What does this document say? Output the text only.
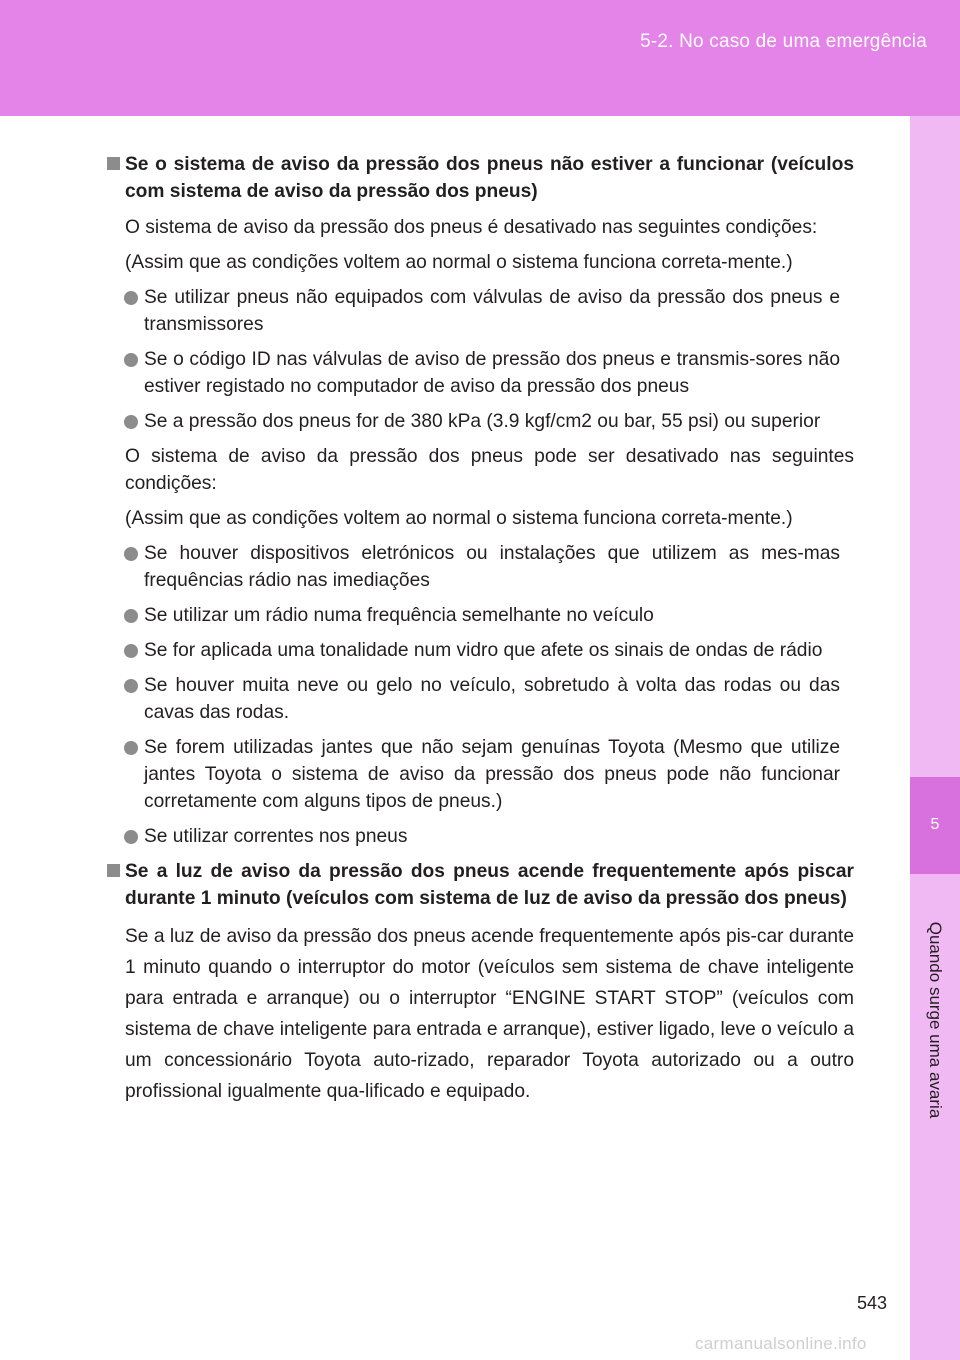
5-2. No caso de uma emergência
5
Quando surge uma avaria
Se o sistema de aviso da pressão dos pneus não estiver a funcionar (veículos com sistema de aviso da pressão dos pneus)
O sistema de aviso da pressão dos pneus é desativado nas seguintes condições:
(Assim que as condições voltem ao normal o sistema funciona correta-mente.)
Se utilizar pneus não equipados com válvulas de aviso da pressão dos pneus e transmissores
Se o código ID nas válvulas de aviso de pressão dos pneus e transmis-sores não estiver registado no computador de aviso da pressão dos pneus
Se a pressão dos pneus for de 380 kPa (3.9 kgf/cm2 ou bar, 55 psi) ou superior
O sistema de aviso da pressão dos pneus pode ser desativado nas seguintes condições:
(Assim que as condições voltem ao normal o sistema funciona correta-mente.)
Se houver dispositivos eletrónicos ou instalações que utilizem as mes-mas frequências rádio nas imediações
Se utilizar um rádio numa frequência semelhante no veículo
Se for aplicada uma tonalidade num vidro que afete os sinais de ondas de rádio
Se houver muita neve ou gelo no veículo, sobretudo à volta das rodas ou das cavas das rodas.
Se forem utilizadas jantes que não sejam genuínas Toyota (Mesmo que utilize jantes Toyota o sistema de aviso da pressão dos pneus pode não funcionar corretamente com alguns tipos de pneus.)
Se utilizar correntes nos pneus
Se a luz de aviso da pressão dos pneus acende frequentemente após piscar durante 1 minuto (veículos com sistema de luz de aviso da pressão dos pneus)
Se a luz de aviso da pressão dos pneus acende frequentemente após pis-car durante 1 minuto quando o interruptor do motor (veículos sem sistema de chave inteligente para entrada e arranque) ou o interruptor “ENGINE START STOP” (veículos com sistema de chave inteligente para entrada e arranque), estiver ligado, leve o veículo a um concessionário Toyota auto-rizado, reparador Toyota autorizado ou a outro profissional igualmente qua-lificado e equipado.
543
carmanualsonline.info
